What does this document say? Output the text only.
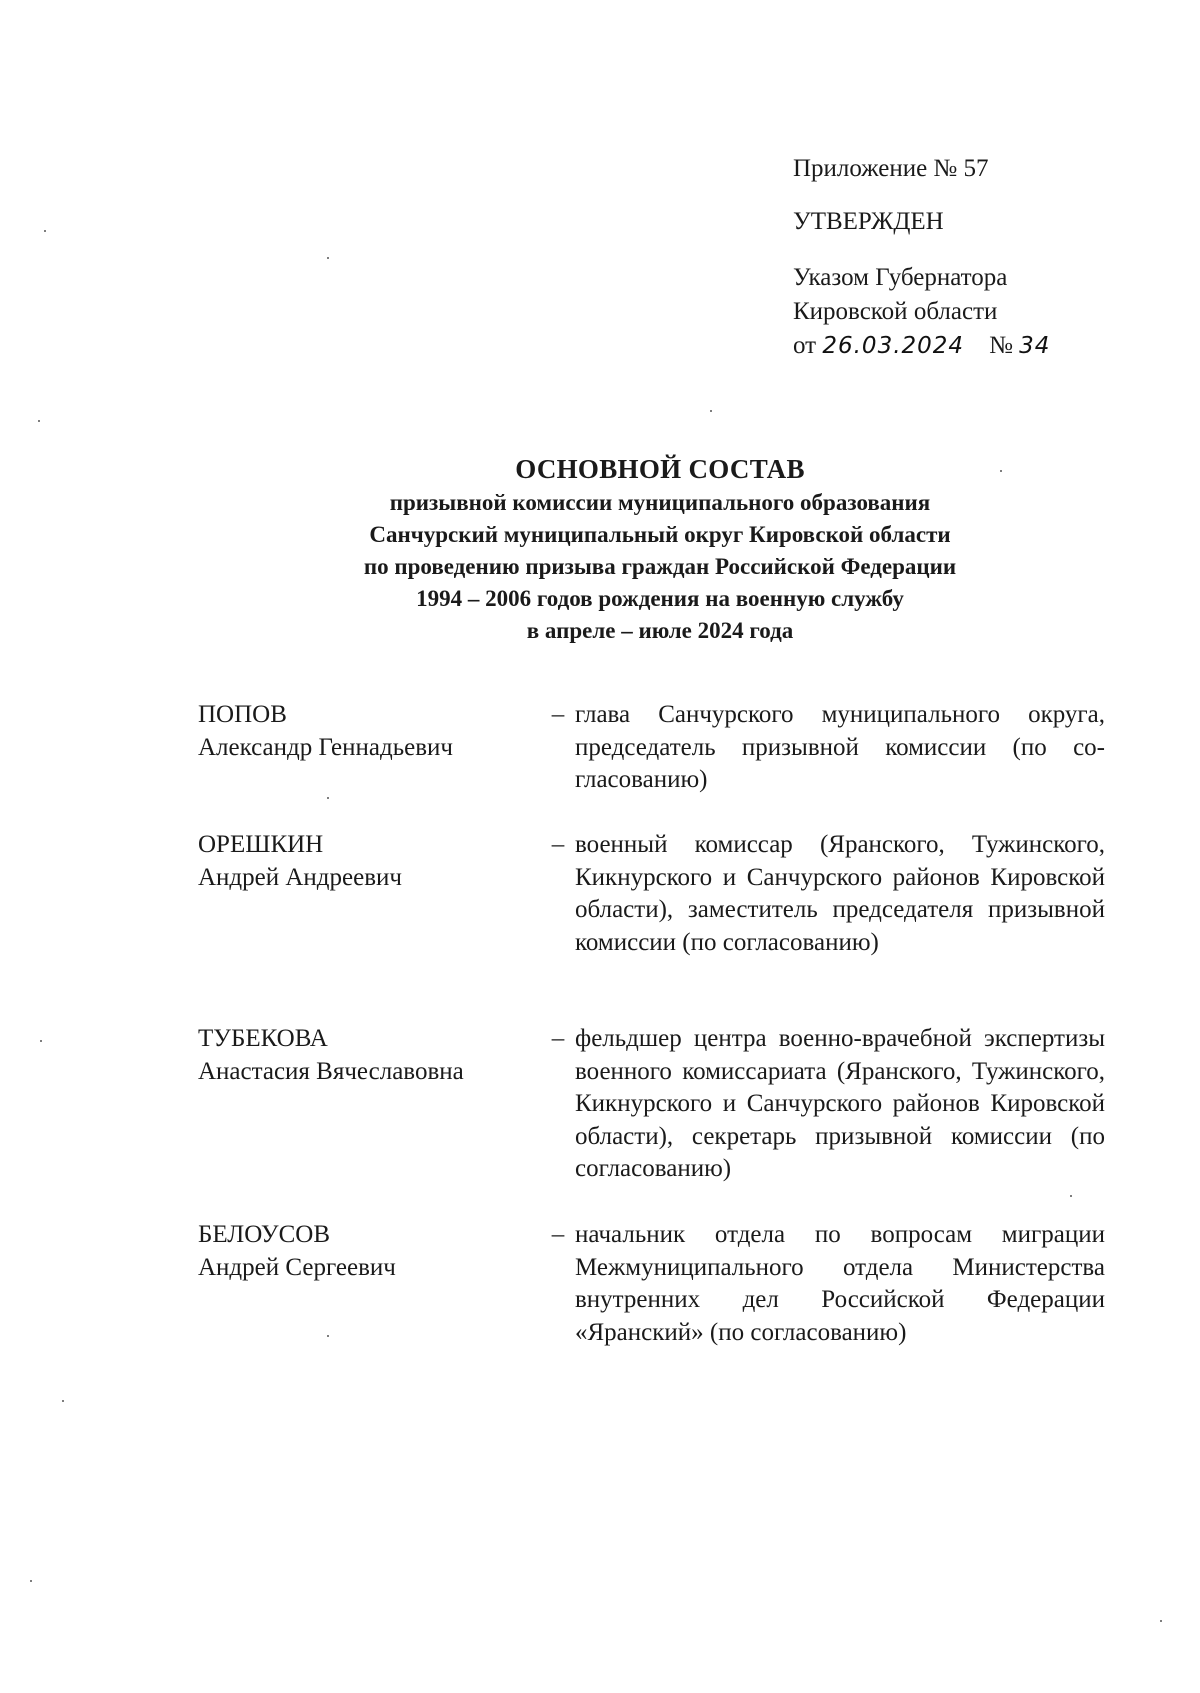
Приложение № 57
УТВЕРЖДЕН
Указом Губернатора
Кировской области
от 26.03.2024 № 34
ОСНОВНОЙ СОСТАВ
призывной комиссии муниципального образования
Санчурский муниципальный округ Кировской области
по проведению призыва граждан Российской Федерации
1994 – 2006 годов рождения на военную службу
в апреле – июле 2024 года
ПОПОВ
Александр Геннадьевич
– глава Санчурского муниципального округа, председатель призывной комиссии (по согласованию)
ОРЕШКИН
Андрей Андреевич
– военный комиссар (Яранского, Тужинского, Кикнурского и Санчурского районов Кировской области), заместитель председателя призывной комиссии (по согласованию)
ТУБЕКОВА
Анастасия Вячеславовна
– фельдшер центра военно-врачебной экспертизы военного комиссариата (Яранского, Тужинского, Кикнурского и Санчурского районов Кировской области), секретарь призывной комиссии (по согласованию)
БЕЛОУСОВ
Андрей Сергеевич
– начальник отдела по вопросам миграции Межмуниципального отдела Министерства внутренних дел Российской Федерации «Яранский» (по согласованию)
